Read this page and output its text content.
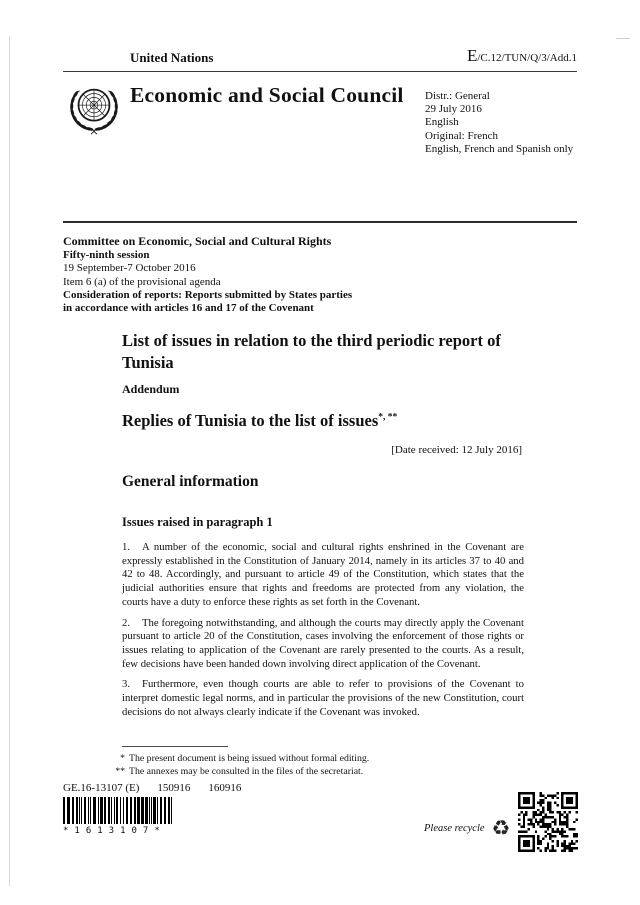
United Nations	E/C.12/TUN/Q/3/Add.1
Economic and Social Council Distr.: General
29 July 2016
English
Original: French
English, French and Spanish only
Committee on Economic, Social and Cultural Rights
Fifty-ninth session
19 September-7 October 2016
Item 6 (a) of the provisional agenda
Consideration of reports: Reports submitted by States parties
in accordance with articles 16 and 17 of the Covenant
List of issues in relation to the third periodic report of
Tunisia
Addendum
Replies of Tunisia to the list of issues*, **
[Date received: 12 July 2016]
General information
Issues raised in paragraph 1

1. A number of the economic, social and cultural rights enshrined in the Covenant are expressly established in the Constitution of January 2014, namely in its articles 37 to 40 and 42 to 48. Accordingly, and pursuant to article 49 of the Constitution, which states that the judicial authorities ensure that rights and freedoms are protected from any violation, the courts have a duty to enforce these rights as set forth in the Covenant.

2. The foregoing notwithstanding, and although the courts may directly apply the Covenant pursuant to article 20 of the Constitution, cases involving the enforcement of those rights or issues relating to application of the Covenant are rarely presented to the courts. As a result, few decisions have been handed down involving direct application of the Covenant.

3. Furthermore, even though courts are able to refer to provisions of the Covenant to interpret domestic legal norms, and in particular the provisions of the new Constitution, court decisions do not always clearly indicate if the Covenant was invoked.

* The present document is being issued without formal editing.
** The annexes may be consulted in the files of the secretariat.
GE.16-13107 (E) 150916 160916
*1613107*	Please recycle ♻
